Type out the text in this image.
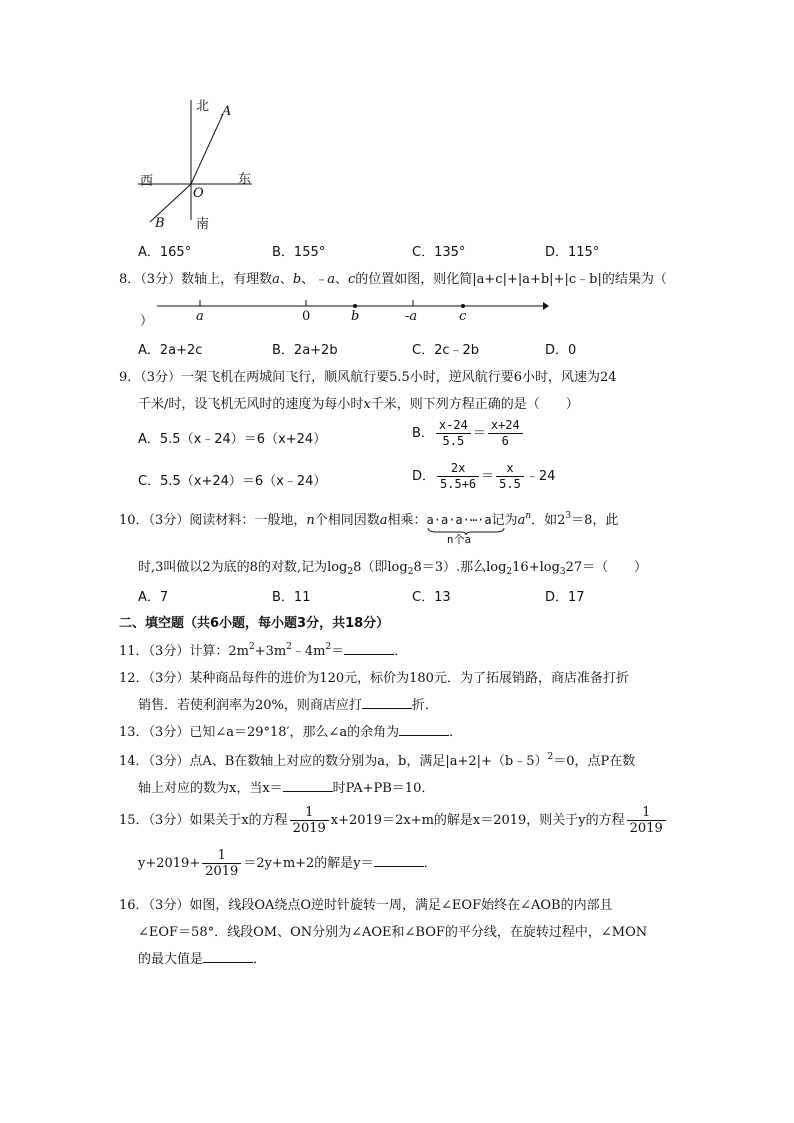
北 A
西	东
O
B 南
A．165°	B．155°	C．135°	D．115°
8．（3分）数轴上，有理数a、b、﹣a、c的位置如图，则化简|a+c|+|a+b|+|c﹣b|的结果为（
）	a	0	b	-a	c
A．2a+2c	B．2a+2b	C．2c﹣2b	D．0
9．（3分）一架飞机在两城间飞行，顺风航行要5.5小时，逆风航行要6小时，风速为24
千米/时，设飞机无风时的速度为每小时x千米，则下列方程正确的是（　　）
A．5.5（x﹣24）＝6（x+24）	B． $\frac{x-24}{5.5} = \frac{x+24}{6}$
C．5.5（x+24）＝6（x﹣24）	D． $\frac{2x}{5.5+6} = \frac{x}{5.5}$ ﹣24
10．（3分）阅读材料：一般地，n个相同因数a相乘：a·a·a·⋯·a
n个a
记为$a^n$．如$2^3=8$，此
时,3叫做以2为底的8的对数,记为$\log_28$（即$\log_28=3$）.那么$\log_216+\log_327=$（　　）
A．7	B．11	C．13	D．17
二、填空题（共6小题，每小题3分，共18分）
11．（3分）计算：$2m^2+3m^2﹣4m^2=$	．
12．（3分）某种商品每件的进价为120元，标价为180元．为了拓展销路，商店准备打折
销售．若使利润率为20%，则商店应打	折．
13．（3分）已知∠a＝29°18′，那么∠a的余角为	．
14．（3分）点A、B在数轴上对应的数分别为a，b，满足|a+2|+（b﹣5）$^2$＝0，点P在数
轴上对应的数为x，当x＝	时PA+PB＝10．
15．（3分）如果关于x的方程 $\frac{1}{2019} x+2019=2x+m$的解是x＝2019，则关于y的方程 $\frac{1}{2019}$
$y+2019+ \frac{1}{2019} =2y+m+2$的解是y＝	．
16．（3分）如图，线段OA绕点O逆时针旋转一周，满足∠EOF始终在∠AOB的内部且
∠EOF＝58°．线段OM、ON分别为∠AOE和∠BOF的平分线，在旋转过程中，∠MON
的最大值是	．
